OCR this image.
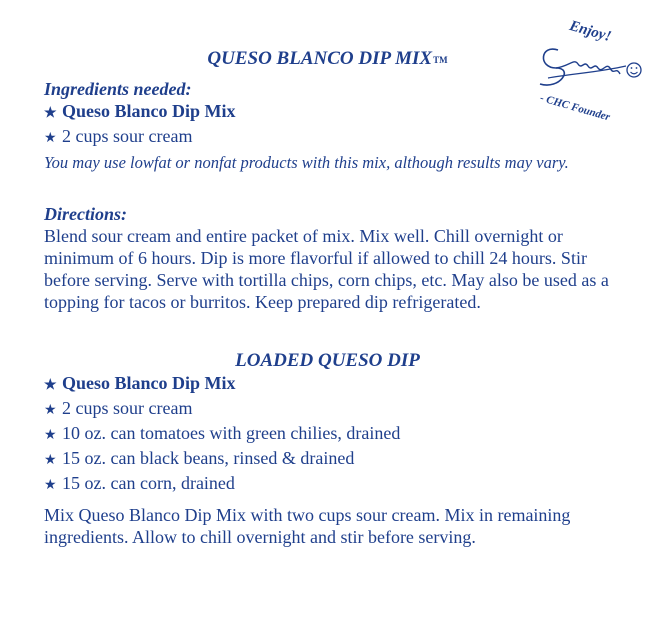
QUESO BLANCO DIP MIXTM
Enjoy!
- CHC Founder
Ingredients needed:
★ Queso Blanco Dip Mix
★ 2 cups sour cream
You may use lowfat or nonfat products with this mix, although results may vary.
Directions:
Blend sour cream and entire packet of mix. Mix well. Chill overnight or minimum of 6 hours. Dip is more flavorful if allowed to chill 24 hours. Stir before serving. Serve with tortilla chips, corn chips, etc. May also be used as a topping for tacos or burritos. Keep prepared dip refrigerated.
LOADED QUESO DIP
★ Queso Blanco Dip Mix
★ 2 cups sour cream
★ 10 oz. can tomatoes with green chilies, drained
★ 15 oz. can black beans, rinsed & drained
★ 15 oz. can corn, drained
Mix Queso Blanco Dip Mix with two cups sour cream. Mix in remaining ingredients. Allow to chill overnight and stir before serving.
